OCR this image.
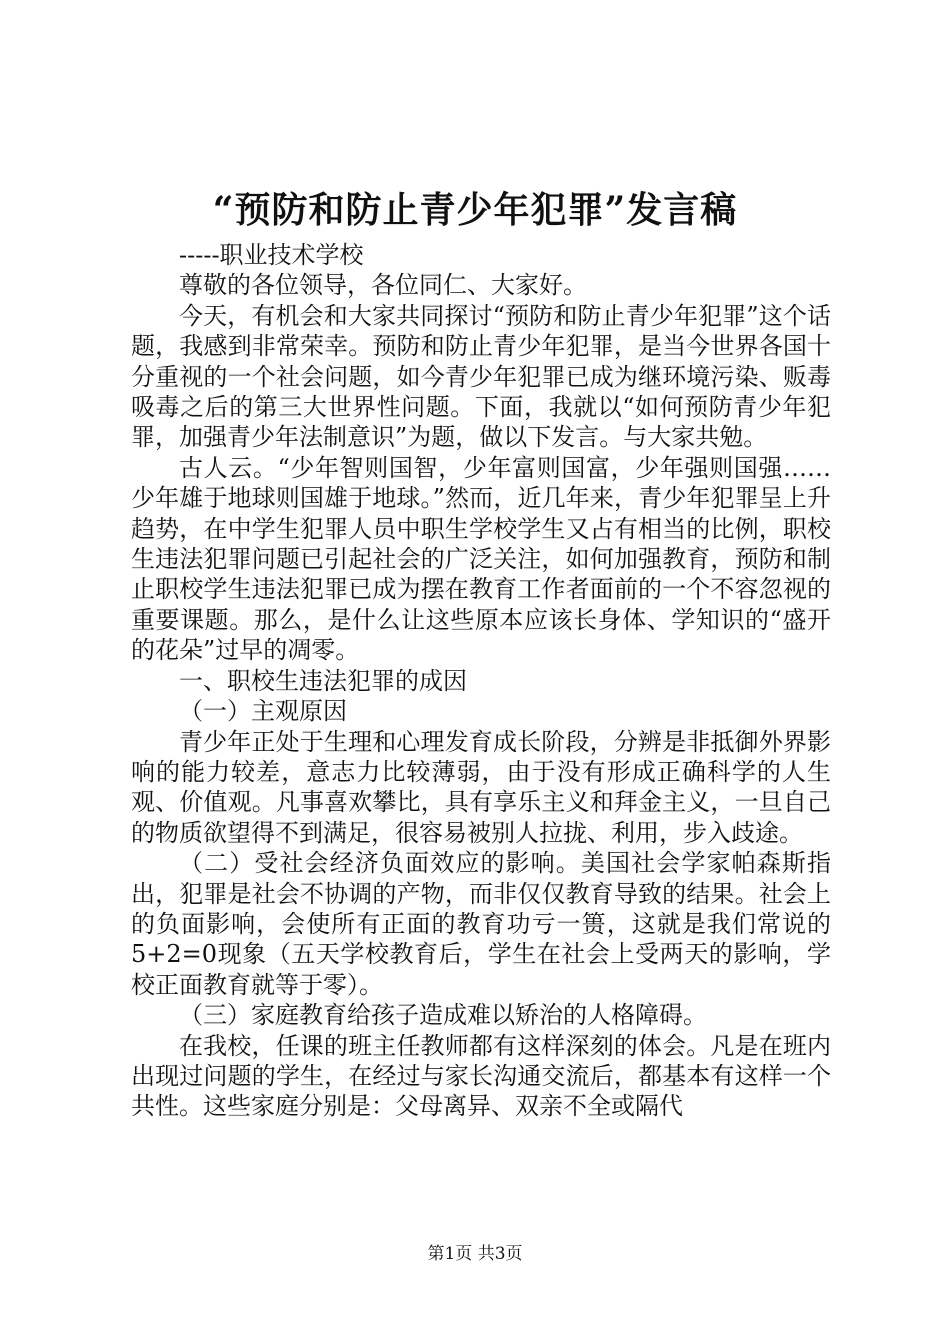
“预防和防止青少年犯罪”发言稿

-----职业技术学校

尊敬的各位领导，各位同仁、大家好。

今天，有机会和大家共同探讨“预防和防止青少年犯罪”这个话题，我感到非常荣幸。预防和防止青少年犯罪，是当今世界各国十分重视的一个社会问题，如今青少年犯罪已成为继环境污染、贩毒吸毒之后的第三大世界性问题。下面，我就以“如何预防青少年犯罪，加强青少年法制意识”为题，做以下发言。与大家共勉。

古人云。“少年智则国智，少年富则国富，少年强则国强……少年雄于地球则国雄于地球。”然而，近几年来，青少年犯罪呈上升趋势，在中学生犯罪人员中职生学校学生又占有相当的比例，职校生违法犯罪问题已引起社会的广泛关注，如何加强教育，预防和制止职校学生违法犯罪已成为摆在教育工作者面前的一个不容忽视的重要课题。那么，是什么让这些原本应该长身体、学知识的“盛开的花朵”过早的凋零。

一、职校生违法犯罪的成因

（一）主观原因

青少年正处于生理和心理发育成长阶段，分辨是非抵御外界影响的能力较差，意志力比较薄弱，由于没有形成正确科学的人生观、价值观。凡事喜欢攀比，具有享乐主义和拜金主义，一旦自己的物质欲望得不到满足，很容易被别人拉拢、利用，步入歧途。

（二）受社会经济负面效应的影响。美国社会学家帕森斯指出，犯罪是社会不协调的产物，而非仅仅教育导致的结果。社会上的负面影响，会使所有正面的教育功亏一篑，这就是我们常说的5+2=0现象（五天学校教育后，学生在社会上受两天的影响，学校正面教育就等于零）。

（三）家庭教育给孩子造成难以矫治的人格障碍。

在我校，任课的班主任教师都有这样深刻的体会。凡是在班内出现过问题的学生，在经过与家长沟通交流后，都基本有这样一个共性。这些家庭分别是：父母离异、双亲不全或隔代

第1页 共3页
